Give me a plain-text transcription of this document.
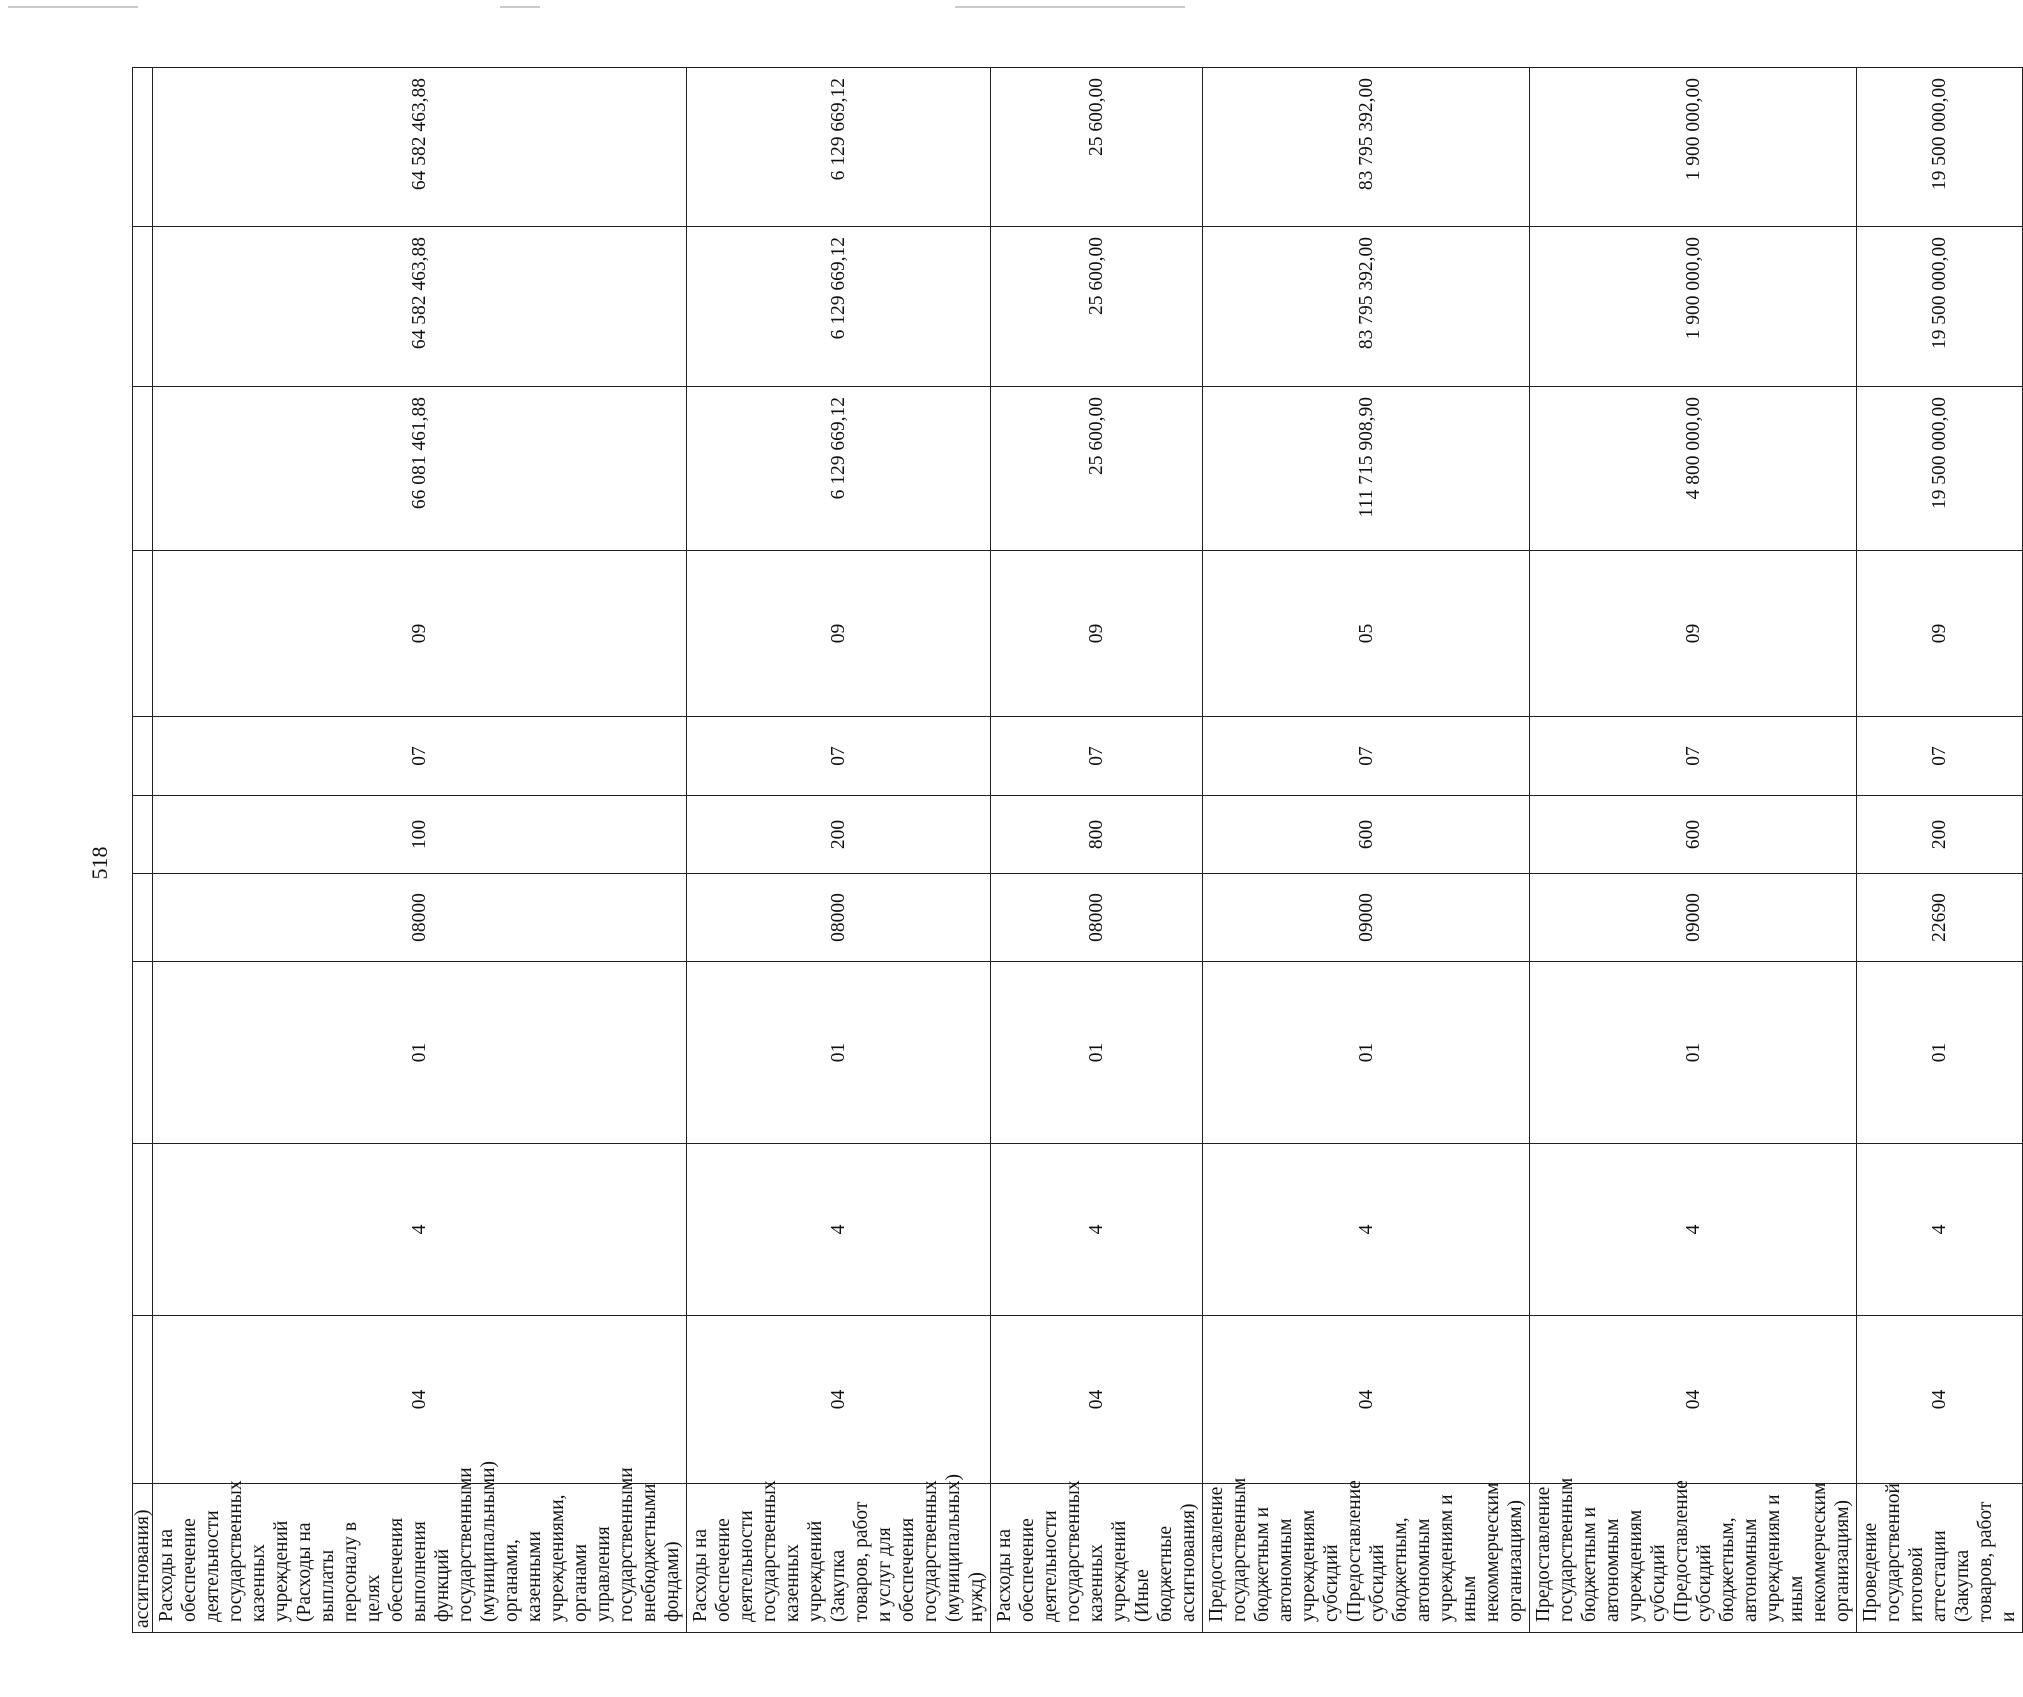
518
ассигнования)										
Расходы на обеспечение деятельности государственных казенных учреждений (Расходы на выплаты персоналу в целях обеспечения выполнения функций государственными (муниципальными) органами, казенными учреждениями, органами управления государственными внебюджетными фондами)	04	4	01	08000	100	07	09	66 081 461,88	64 582 463,88	64 582 463,88
Расходы на обеспечение деятельности государственных казенных учреждений (Закупка товаров, работ и услуг для обеспечения государственных (муниципальных) нужд)	04	4	01	08000	200	07	09	6 129 669,12	6 129 669,12	6 129 669,12
Расходы на обеспечение деятельности государственных казенных учреждений (Иные бюджетные ассигнования)	04	4	01	08000	800	07	09	25 600,00	25 600,00	25 600,00
Предоставление государственным бюджетным и автономным учреждениям субсидий (Предоставление субсидий бюджетным, автономным учреждениям и иным некоммерческим организациям)	04	4	01	09000	600	07	05	111 715 908,90	83 795 392,00	83 795 392,00
Предоставление государственным бюджетным и автономным учреждениям субсидий (Предоставление субсидий бюджетным, автономным учреждениям и иным некоммерческим организациям)	04	4	01	09000	600	07	09	4 800 000,00	1 900 000,00	1 900 000,00
Проведение государственной итоговой аттестации (Закупка товаров, работ и	04	4	01	22690	200	07	09	19 500 000,00	19 500 000,00	19 500 000,00
